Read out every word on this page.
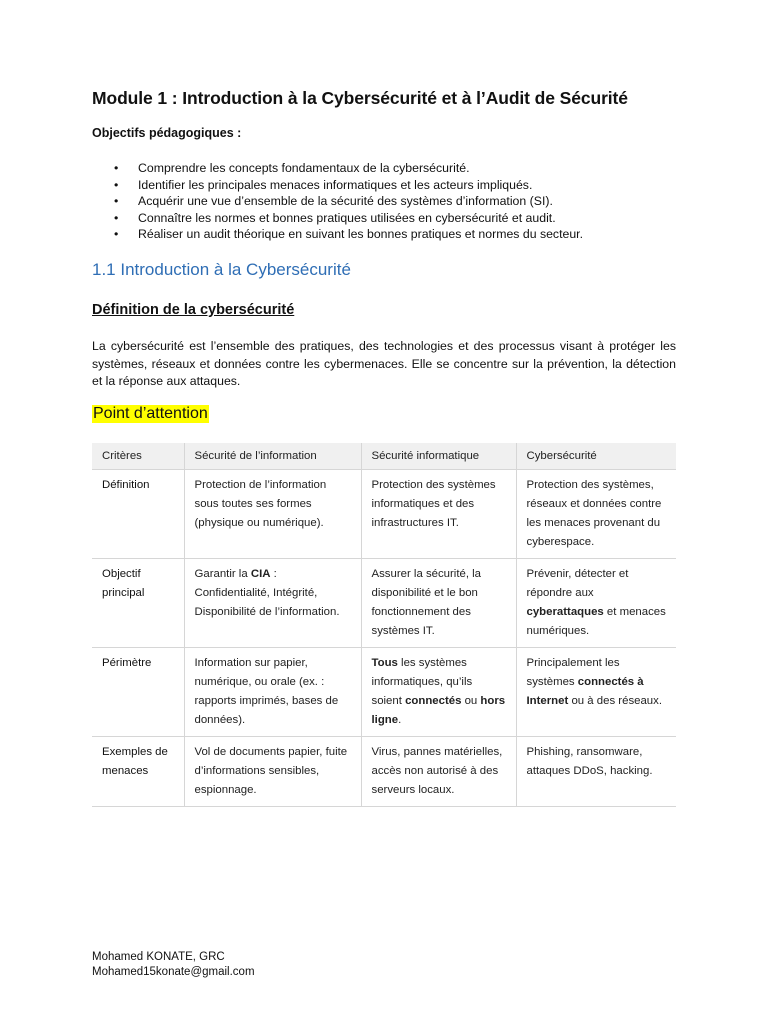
Module 1 : Introduction à la Cybersécurité et à l’Audit de Sécurité
Objectifs pédagogiques :
• Comprendre les concepts fondamentaux de la cybersécurité.
• Identifier les principales menaces informatiques et les acteurs impliqués.
• Acquérir une vue d’ensemble de la sécurité des systèmes d’information (SI).
• Connaître les normes et bonnes pratiques utilisées en cybersécurité et audit.
• Réaliser un audit théorique en suivant les bonnes pratiques et normes du secteur.
1.1 Introduction à la Cybersécurité
Définition de la cybersécurité
La cybersécurité est l’ensemble des pratiques, des technologies et des processus visant à protéger les systèmes, réseaux et données contre les cybermenaces. Elle se concentre sur la prévention, la détection et la réponse aux attaques.
Point d’attention
Critères	Sécurité de l’information	Sécurité informatique	Cybersécurité
Définition	Protection de l’information sous toutes ses formes (physique ou numérique).	Protection des systèmes informatiques et des infrastructures IT.	Protection des systèmes, réseaux et données contre les menaces provenant du cyberespace.
Objectif principal	Garantir la CIA : Confidentialité, Intégrité, Disponibilité de l’information.	Assurer la sécurité, la disponibilité et le bon fonctionnement des systèmes IT.	Prévenir, détecter et répondre aux cyberattaques et menaces numériques.
Périmètre	Information sur papier, numérique, ou orale (ex. : rapports imprimés, bases de données).	Tous les systèmes informatiques, qu’ils soient connectés ou hors ligne.	Principalement les systèmes connectés à Internet ou à des réseaux.
Exemples de menaces	Vol de documents papier, fuite d’informations sensibles, espionnage.	Virus, pannes matérielles, accès non autorisé à des serveurs locaux.	Phishing, ransomware, attaques DDoS, hacking.
Mohamed KONATE, GRC
Mohamed15konate@gmail.com
